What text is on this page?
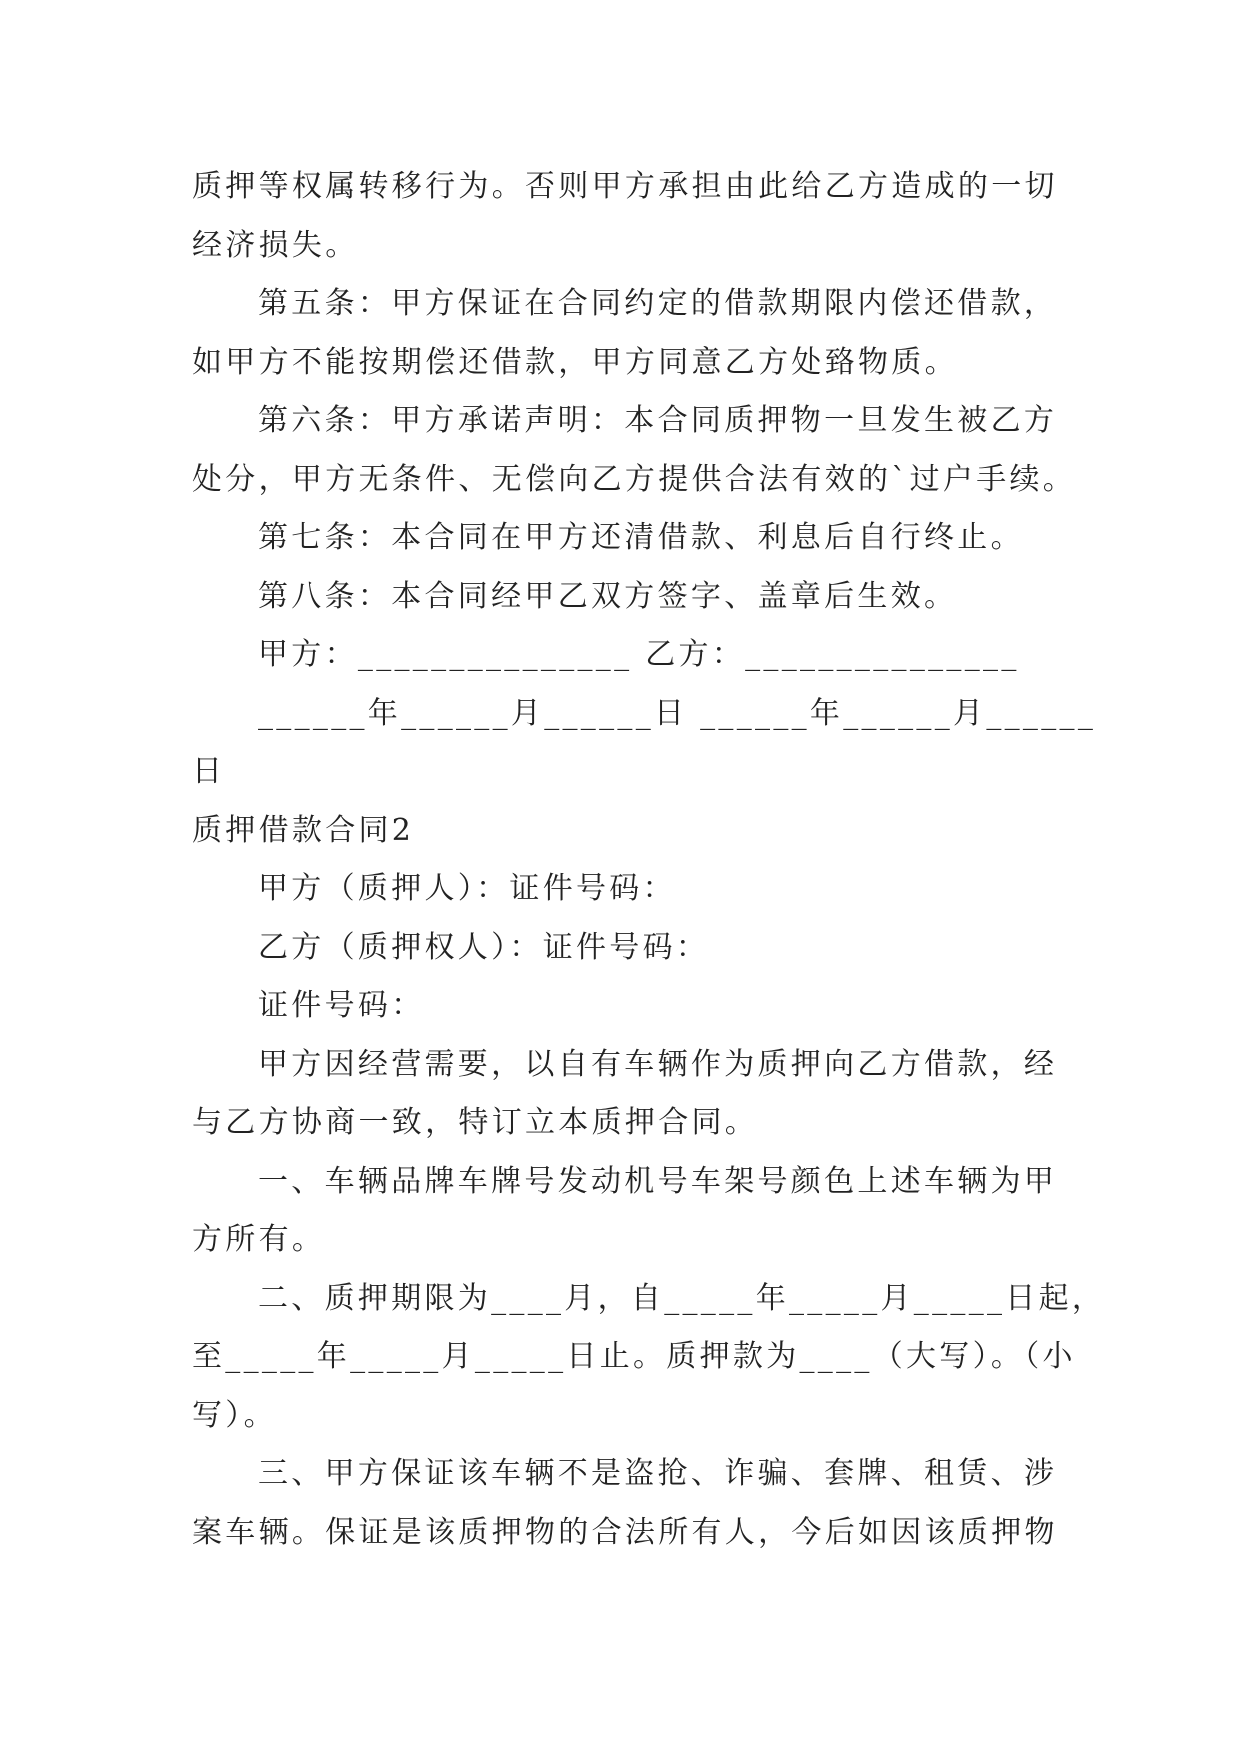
质押等权属转移行为。否则甲方承担由此给乙方造成的一切
经济损失。
第五条：甲方保证在合同约定的借款期限内偿还借款，
如甲方不能按期偿还借款，甲方同意乙方处臵物质。
第六条：甲方承诺声明：本合同质押物一旦发生被乙方
处分，甲方无条件、无偿向乙方提供合法有效的`过户手续。
第七条：本合同在甲方还清借款、利息后自行终止。
第八条：本合同经甲乙双方签字、盖章后生效。
甲方：_______________ 乙方：_______________
______年______月______日 ______年______月______
日
质押借款合同2
甲方（质押人）：证件号码：
乙方（质押权人）：证件号码：
证件号码：
甲方因经营需要，以自有车辆作为质押向乙方借款，经
与乙方协商一致，特订立本质押合同。
一、车辆品牌车牌号发动机号车架号颜色上述车辆为甲
方所有。
二、质押期限为____月，自_____年_____月_____日起，
至_____年_____月_____日止。质押款为____（大写）。（小
写）。
三、甲方保证该车辆不是盗抢、诈骗、套牌、租赁、涉
案车辆。保证是该质押物的合法所有人，今后如因该质押物
